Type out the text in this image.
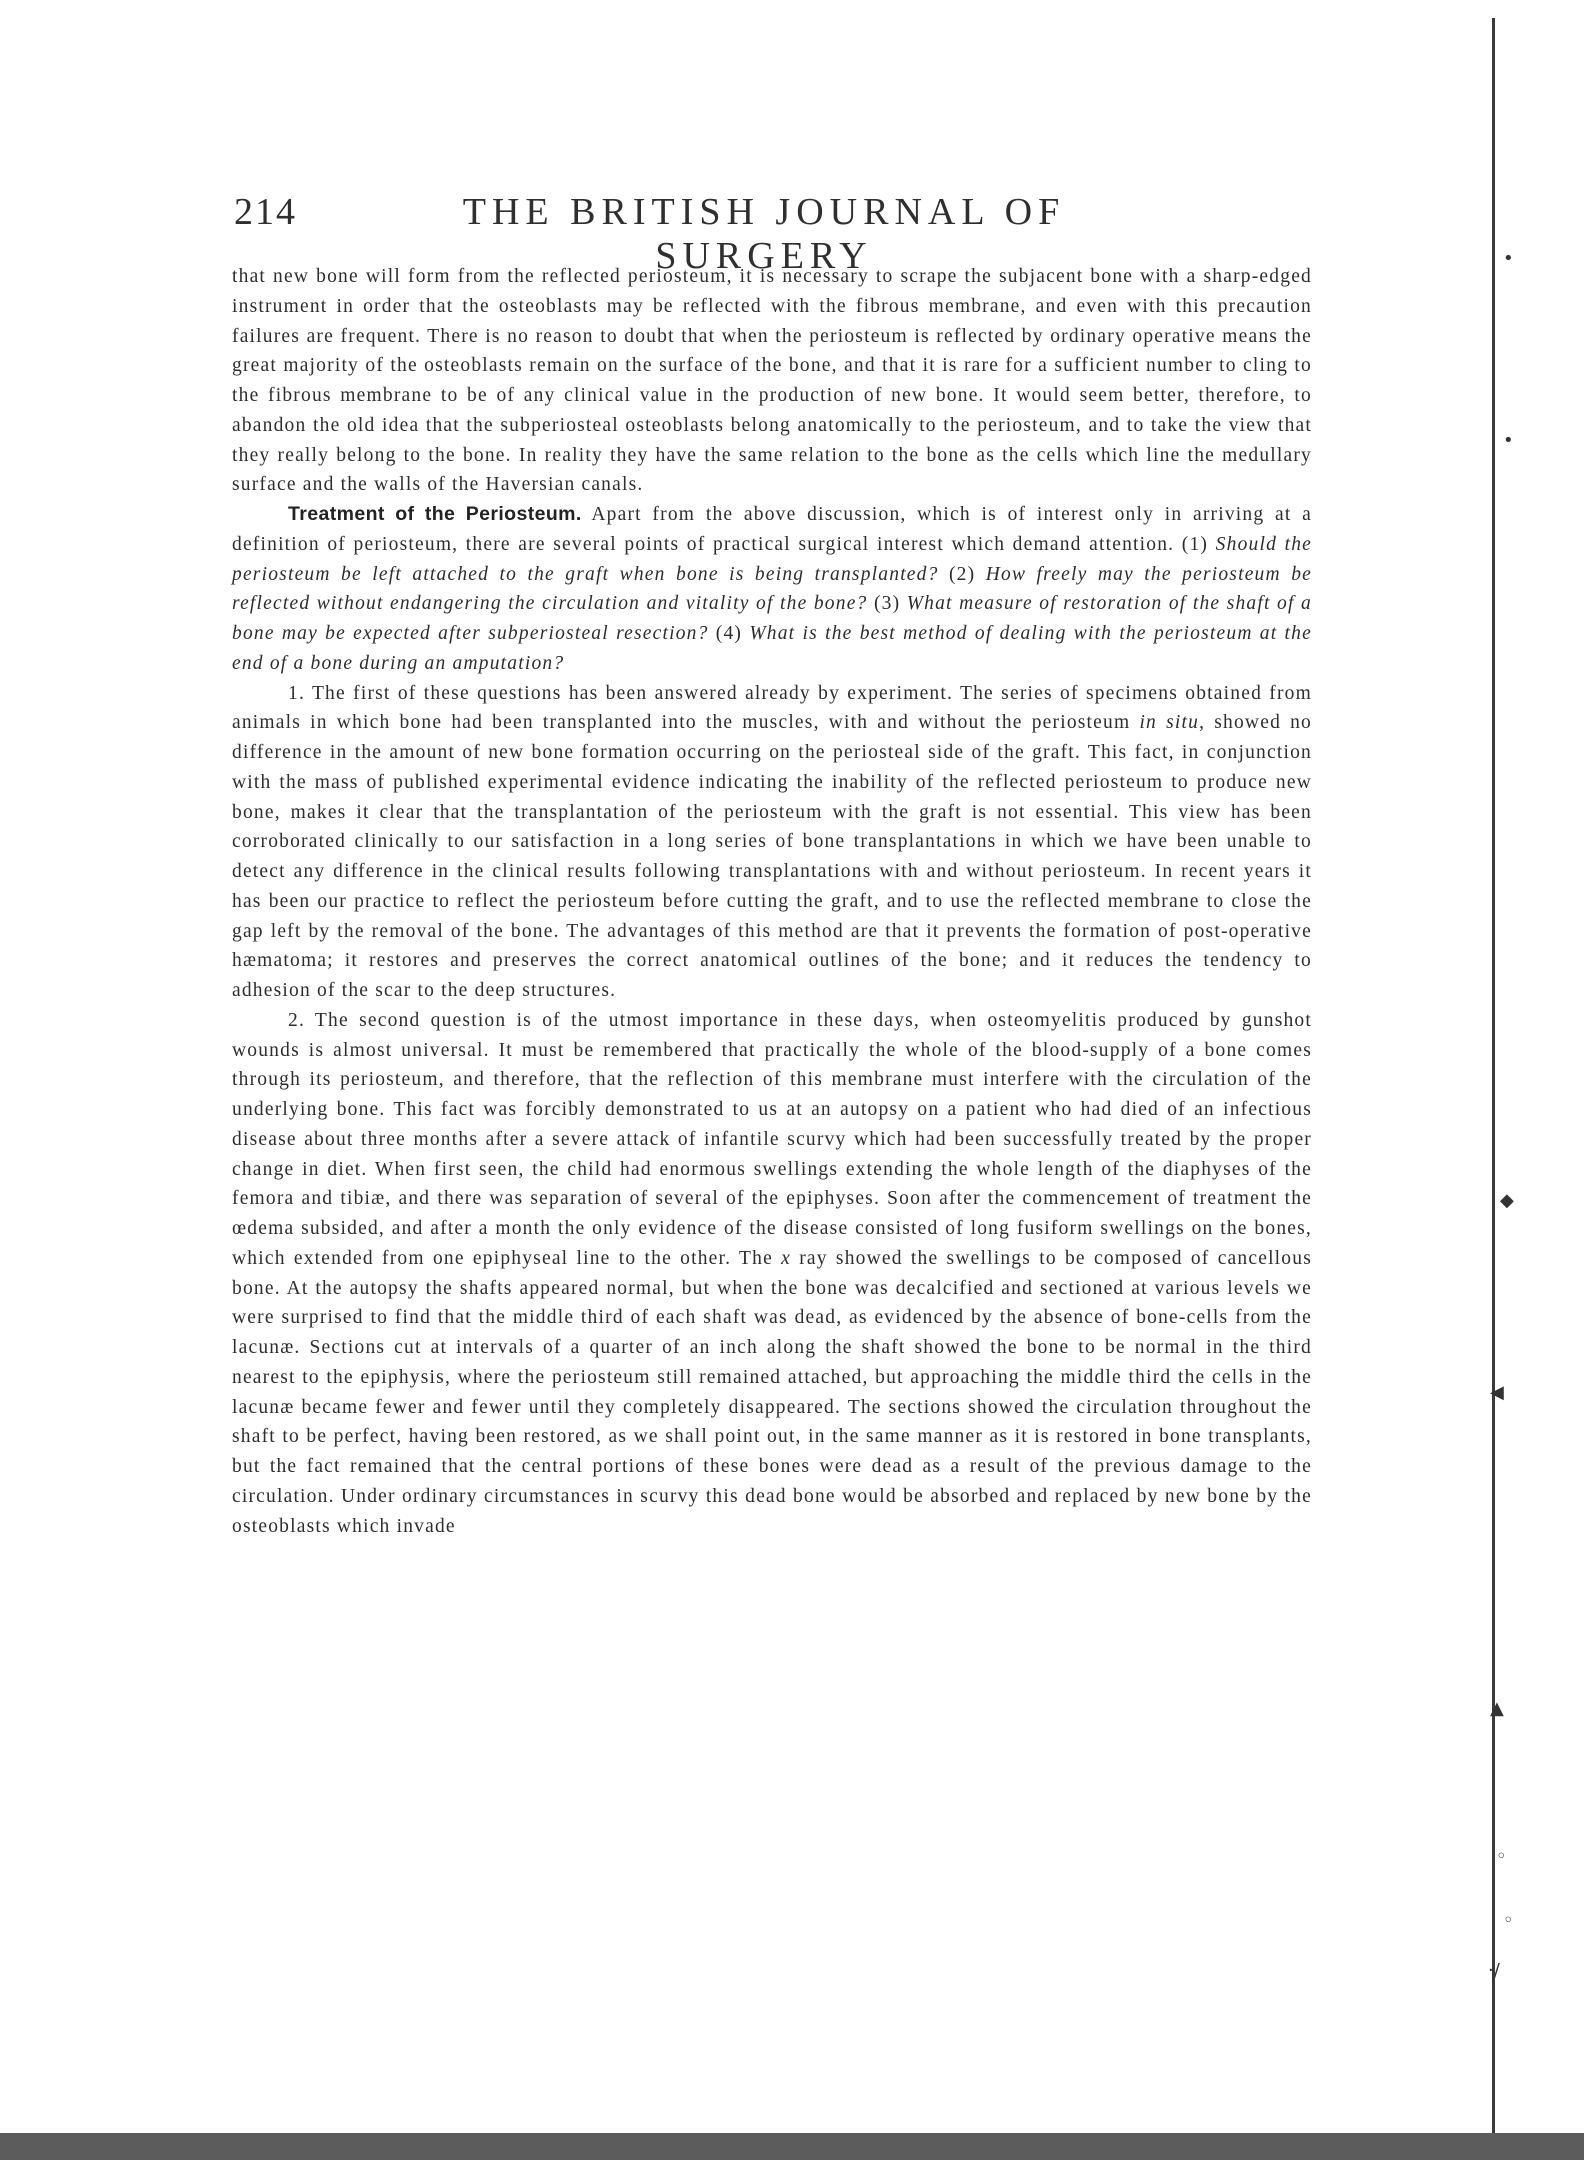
•
•
◆
◀
▲
◦
◦
·/
214	THE BRITISH JOURNAL OF SURGERY

that new bone will form from the reflected periosteum, it is necessary to scrape the subjacent bone with a sharp-edged instrument in order that the osteoblasts may be reflected with the fibrous membrane, and even with this precaution failures are frequent. There is no reason to doubt that when the periosteum is reflected by ordinary operative means the great majority of the osteoblasts remain on the surface of the bone, and that it is rare for a sufficient number to cling to the fibrous membrane to be of any clinical value in the production of new bone. It would seem better, therefore, to abandon the old idea that the subperiosteal osteoblasts belong anatomically to the periosteum, and to take the view that they really belong to the bone. In reality they have the same relation to the bone as the cells which line the medullary surface and the walls of the Haversian canals.

Treatment of the Periosteum. Apart from the above discussion, which is of interest only in arriving at a definition of periosteum, there are several points of practical surgical interest which demand attention. (1) Should the periosteum be left attached to the graft when bone is being transplanted? (2) How freely may the periosteum be reflected without endangering the circulation and vitality of the bone? (3) What measure of restoration of the shaft of a bone may be expected after subperiosteal resection? (4) What is the best method of dealing with the periosteum at the end of a bone during an amputation?

1. The first of these questions has been answered already by experiment. The series of specimens obtained from animals in which bone had been transplanted into the muscles, with and without the periosteum in situ, showed no difference in the amount of new bone formation occurring on the periosteal side of the graft. This fact, in conjunction with the mass of published experimental evidence indicating the inability of the reflected periosteum to produce new bone, makes it clear that the transplantation of the periosteum with the graft is not essential. This view has been corroborated clinically to our satisfaction in a long series of bone transplantations in which we have been unable to detect any difference in the clinical results following transplantations with and without periosteum. In recent years it has been our practice to reflect the periosteum before cutting the graft, and to use the reflected membrane to close the gap left by the removal of the bone. The advantages of this method are that it prevents the formation of post-operative hæmatoma; it restores and preserves the correct anatomical outlines of the bone; and it reduces the tendency to adhesion of the scar to the deep structures.

2. The second question is of the utmost importance in these days, when osteomyelitis produced by gunshot wounds is almost universal. It must be remembered that practically the whole of the blood-supply of a bone comes through its periosteum, and therefore, that the reflection of this membrane must interfere with the circulation of the underlying bone. This fact was forcibly demonstrated to us at an autopsy on a patient who had died of an infectious disease about three months after a severe attack of infantile scurvy which had been successfully treated by the proper change in diet. When first seen, the child had enormous swellings extending the whole length of the diaphyses of the femora and tibiæ, and there was separation of several of the epiphyses. Soon after the commencement of treatment the œdema subsided, and after a month the only evidence of the disease consisted of long fusiform swellings on the bones, which extended from one epiphyseal line to the other. The x ray showed the swellings to be composed of cancellous bone. At the autopsy the shafts appeared normal, but when the bone was decalcified and sectioned at various levels we were surprised to find that the middle third of each shaft was dead, as evidenced by the absence of bone-cells from the lacunæ. Sections cut at intervals of a quarter of an inch along the shaft showed the bone to be normal in the third nearest to the epiphysis, where the periosteum still remained attached, but approaching the middle third the cells in the lacunæ became fewer and fewer until they completely disappeared. The sections showed the circulation throughout the shaft to be perfect, having been restored, as we shall point out, in the same manner as it is restored in bone transplants, but the fact remained that the central portions of these bones were dead as a result of the previous damage to the circulation. Under ordinary circumstances in scurvy this dead bone would be absorbed and replaced by new bone by the osteoblasts which invade
